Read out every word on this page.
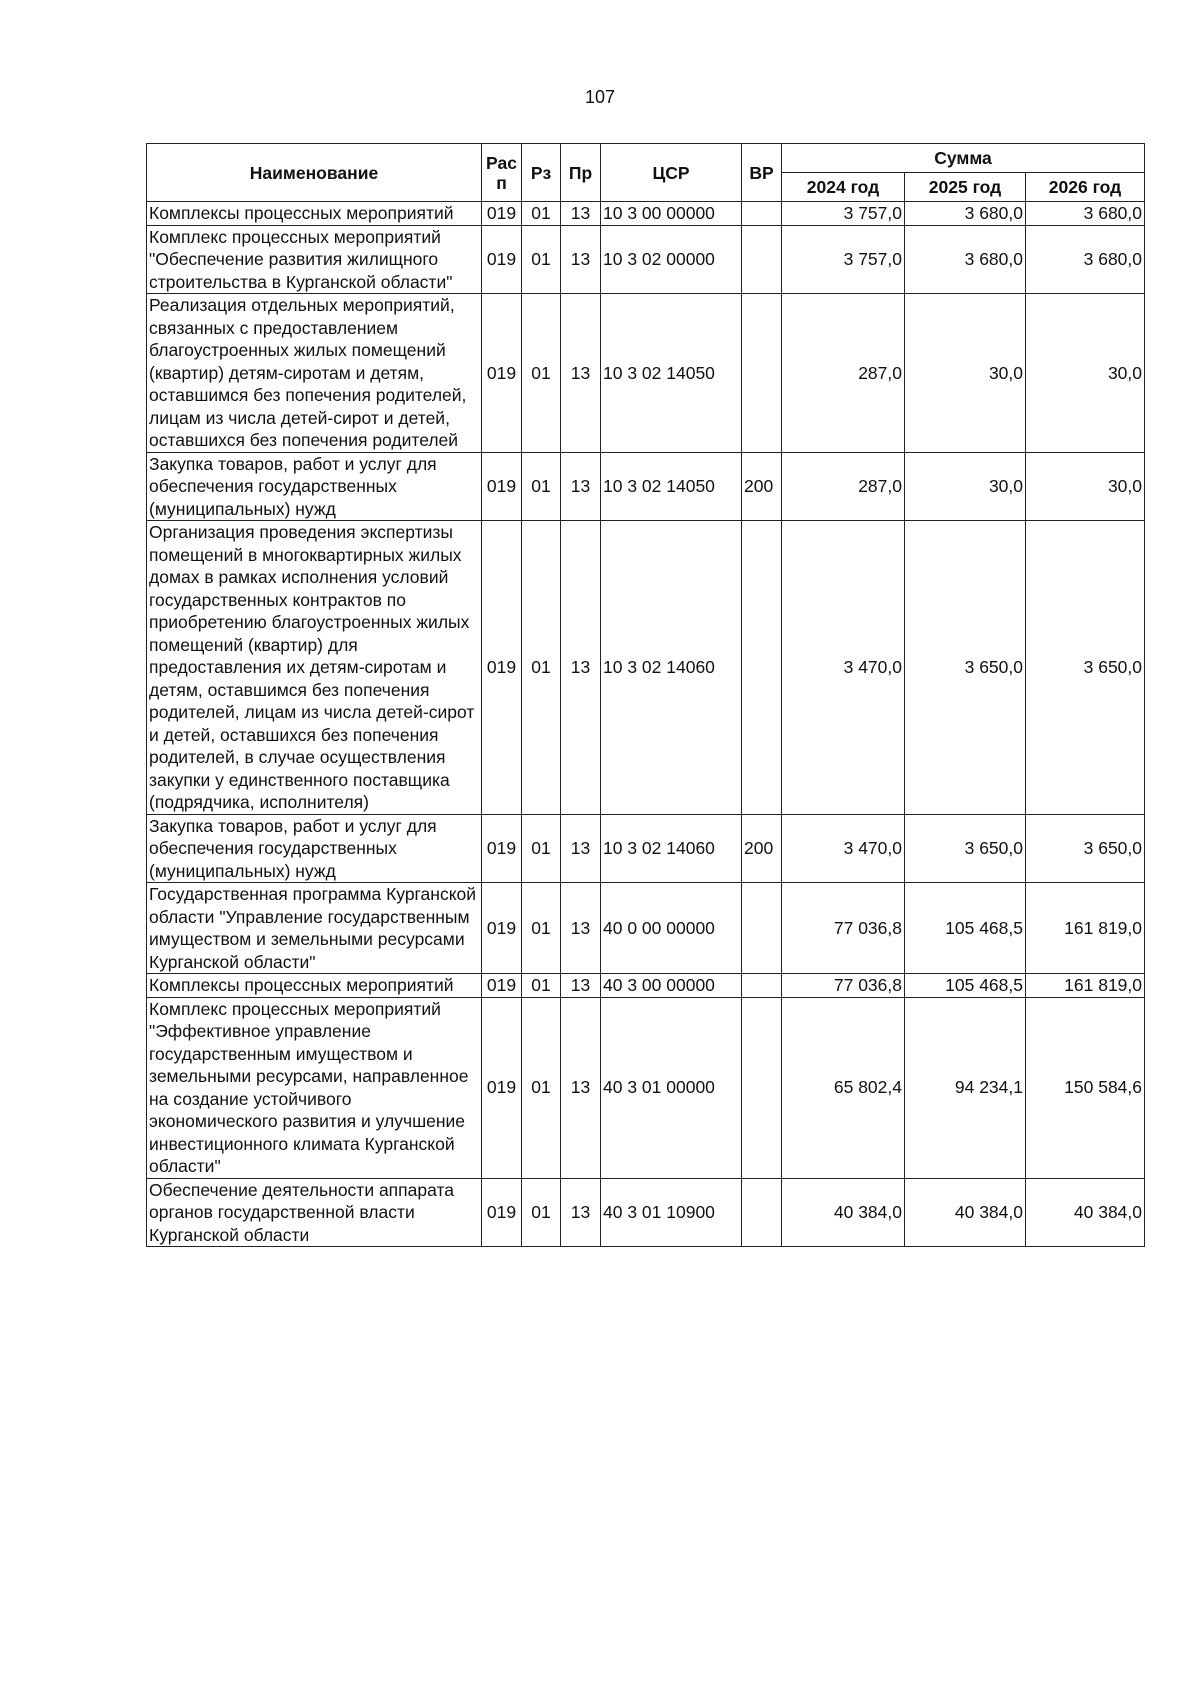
107
Наименование	Рас п	Рз	Пр	ЦСР	ВР	Сумма		
						2024 год	2025 год	2026 год
Комплексы процессных мероприятий	019	01	13	10 3 00 00000		3 757,0	3 680,0	3 680,0
Комплекс процессных мероприятий "Обеспечение развития жилищного строительства в Курганской области"	019	01	13	10 3 02 00000		3 757,0	3 680,0	3 680,0
Реализация отдельных мероприятий, связанных с предоставлением благоустроенных жилых помещений (квартир) детям-сиротам и детям, оставшимся без попечения родителей, лицам из числа детей-сирот и детей, оставшихся без попечения родителей	019	01	13	10 3 02 14050		287,0	30,0	30,0
Закупка товаров, работ и услуг для обеспечения государственных (муниципальных) нужд	019	01	13	10 3 02 14050	200	287,0	30,0	30,0
Организация проведения экспертизы помещений в многоквартирных жилых домах в рамках исполнения условий государственных контрактов по приобретению благоустроенных жилых помещений (квартир) для предоставления их детям-сиротам и детям, оставшимся без попечения родителей, лицам из числа детей-сирот и детей, оставшихся без попечения родителей, в случае осуществления закупки у единственного поставщика (подрядчика, исполнителя)	019	01	13	10 3 02 14060		3 470,0	3 650,0	3 650,0
Закупка товаров, работ и услуг для обеспечения государственных (муниципальных) нужд	019	01	13	10 3 02 14060	200	3 470,0	3 650,0	3 650,0
Государственная программа Курганской области "Управление государственным имуществом и земельными ресурсами Курганской области"	019	01	13	40 0 00 00000		77 036,8	105 468,5	161 819,0
Комплексы процессных мероприятий	019	01	13	40 3 00 00000		77 036,8	105 468,5	161 819,0
Комплекс процессных мероприятий "Эффективное управление государственным имуществом и земельными ресурсами, направленное на создание устойчивого экономического развития и улучшение инвестиционного климата Курганской области"	019	01	13	40 3 01 00000		65 802,4	94 234,1	150 584,6
Обеспечение деятельности аппарата органов государственной власти Курганской области	019	01	13	40 3 01 10900		40 384,0	40 384,0	40 384,0
